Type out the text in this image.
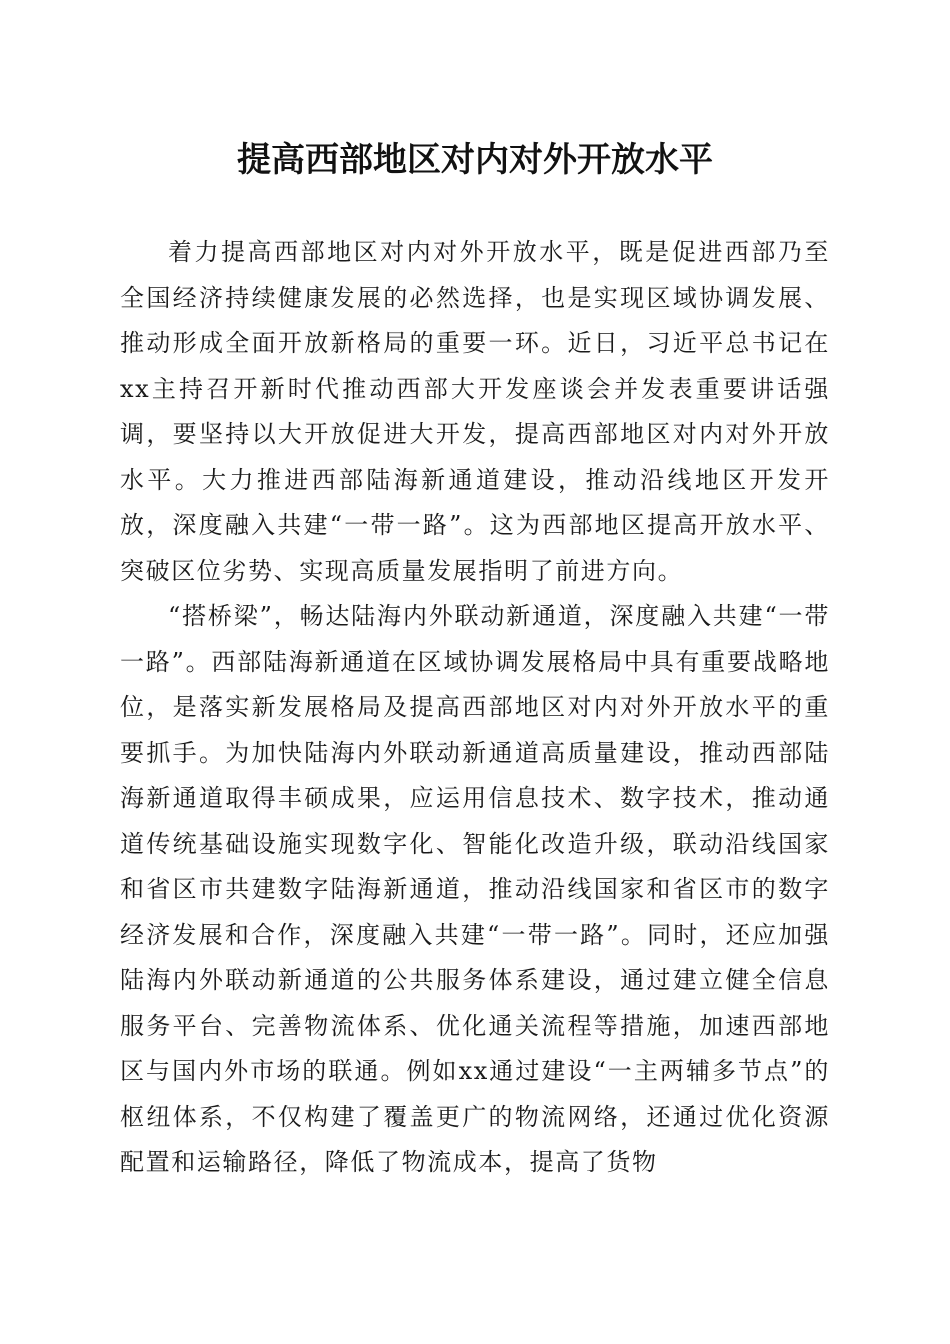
提高西部地区对内对外开放水平

着力提高西部地区对内对外开放水平，既是促进西部乃至全国经济持续健康发展的必然选择，也是实现区域协调发展、推动形成全面开放新格局的重要一环。近日，习近平总书记在xx主持召开新时代推动西部大开发座谈会并发表重要讲话强调，要坚持以大开放促进大开发，提高西部地区对内对外开放水平。大力推进西部陆海新通道建设，推动沿线地区开发开放，深度融入共建“一带一路”。这为西部地区提高开放水平、突破区位劣势、实现高质量发展指明了前进方向。

“搭桥梁”，畅达陆海内外联动新通道，深度融入共建“一带一路”。西部陆海新通道在区域协调发展格局中具有重要战略地位，是落实新发展格局及提高西部地区对内对外开放水平的重要抓手。为加快陆海内外联动新通道高质量建设，推动西部陆海新通道取得丰硕成果，应运用信息技术、数字技术，推动通道传统基础设施实现数字化、智能化改造升级，联动沿线国家和省区市共建数字陆海新通道，推动沿线国家和省区市的数字经济发展和合作，深度融入共建“一带一路”。同时，还应加强陆海内外联动新通道的公共服务体系建设，通过建立健全信息服务平台、完善物流体系、优化通关流程等措施，加速西部地区与国内外市场的联通。例如xx通过建设“一主两辅多节点”的枢纽体系，不仅构建了覆盖更广的物流网络，还通过优化资源配置和运输路径，降低了物流成本，提高了货物
